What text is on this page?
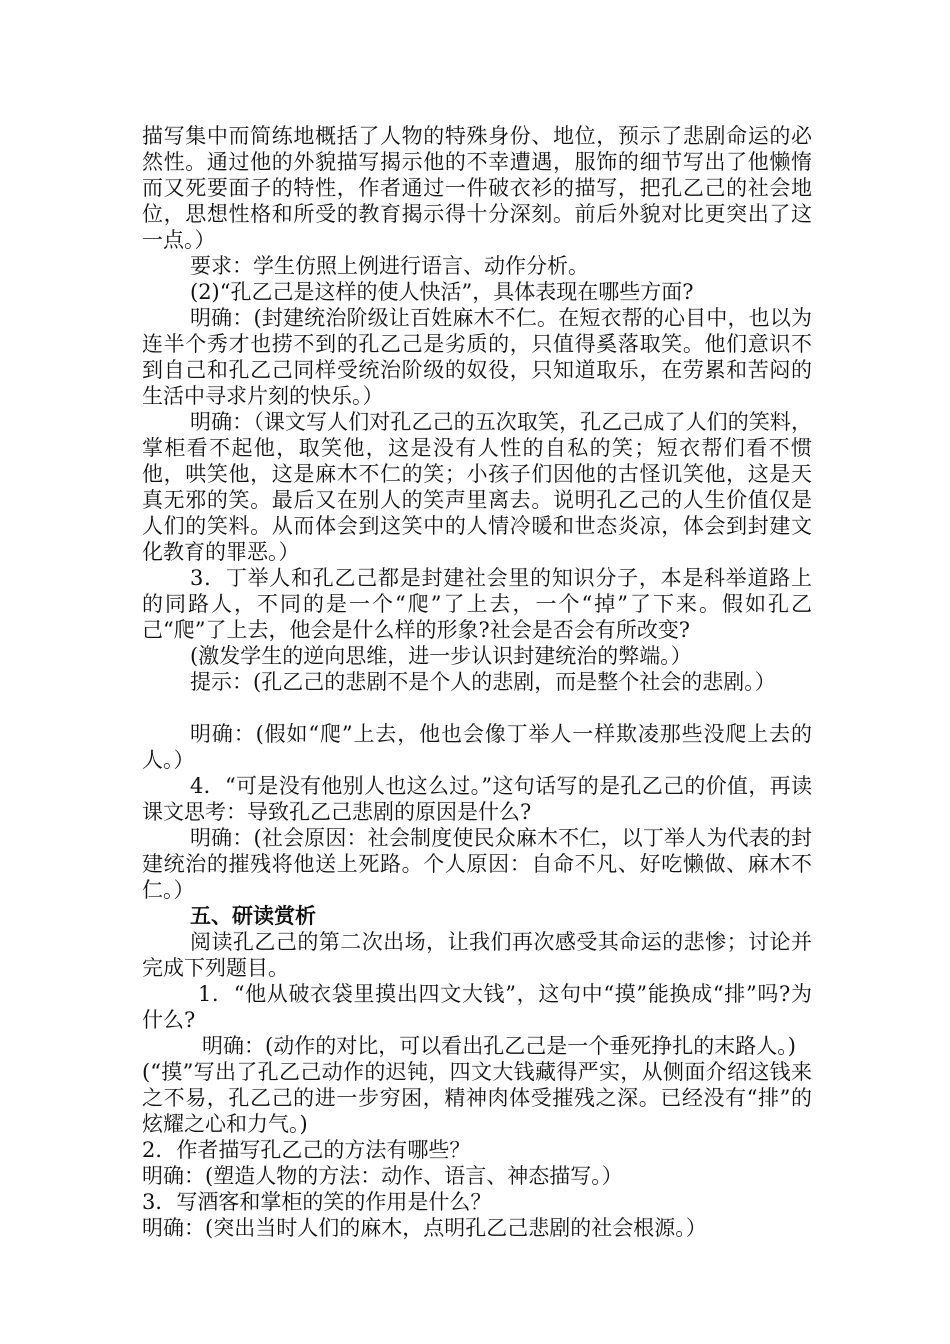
描写集中而简练地概括了人物的特殊身份、地位，预示了悲剧命运的必然性。通过他的外貌描写揭示他的不幸遭遇，服饰的细节写出了他懒惰而又死要面子的特性，作者通过一件破衣衫的描写，把孔乙己的社会地位，思想性格和所受的教育揭示得十分深刻。前后外貌对比更突出了这一点。）

要求：学生仿照上例进行语言、动作分析。

(2)“孔乙己是这样的使人快活”，具体表现在哪些方面?

明确：(封建统治阶级让百姓麻木不仁。在短衣帮的心目中，也以为连半个秀才也捞不到的孔乙己是劣质的，只值得奚落取笑。他们意识不到自己和孔乙己同样受统治阶级的奴役，只知道取乐，在劳累和苦闷的生活中寻求片刻的快乐。）

明确：（课文写人们对孔乙己的五次取笑，孔乙己成了人们的笑料，掌柜看不起他，取笑他，这是没有人性的自私的笑；短衣帮们看不惯他，哄笑他，这是麻木不仁的笑；小孩子们因他的古怪讥笑他，这是天真无邪的笑。最后又在别人的笑声里离去。说明孔乙己的人生价值仅是人们的笑料。从而体会到这笑中的人情冷暖和世态炎凉，体会到封建文化教育的罪恶。）

3．丁举人和孔乙己都是封建社会里的知识分子，本是科举道路上的同路人，不同的是一个“爬”了上去，一个“掉”了下来。假如孔乙己“爬”了上去，他会是什么样的形象?社会是否会有所改变?

(激发学生的逆向思维，进一步认识封建统治的弊端。）

提示：(孔乙己的悲剧不是个人的悲剧，而是整个社会的悲剧。）

明确：(假如“爬”上去，他也会像丁举人一样欺凌那些没爬上去的人。）

4．“可是没有他别人也这么过。”这句话写的是孔乙己的价值，再读课文思考：导致孔乙己悲剧的原因是什么?

明确：(社会原因：社会制度使民众麻木不仁，以丁举人为代表的封建统治的摧残将他送上死路。个人原因：自命不凡、好吃懒做、麻木不仁。）

五、研读赏析

阅读孔乙己的第二次出场，让我们再次感受其命运的悲惨；讨论并完成下列题目。

1．“他从破衣袋里摸出四文大钱”，这句中“摸”能换成“排”吗?为什么?

明确：(动作的对比，可以看出孔乙己是一个垂死挣扎的末路人。)

(“摸”写出了孔乙己动作的迟钝，四文大钱藏得严实，从侧面介绍这钱来之不易，孔乙己的进一步穷困，精神肉体受摧残之深。已经没有“排”的炫耀之心和力气。)

2．作者描写孔乙己的方法有哪些？

明确：(塑造人物的方法：动作、语言、神态描写。）

3．写酒客和掌柜的笑的作用是什么？

明确：(突出当时人们的麻木，点明孔乙己悲剧的社会根源。）
